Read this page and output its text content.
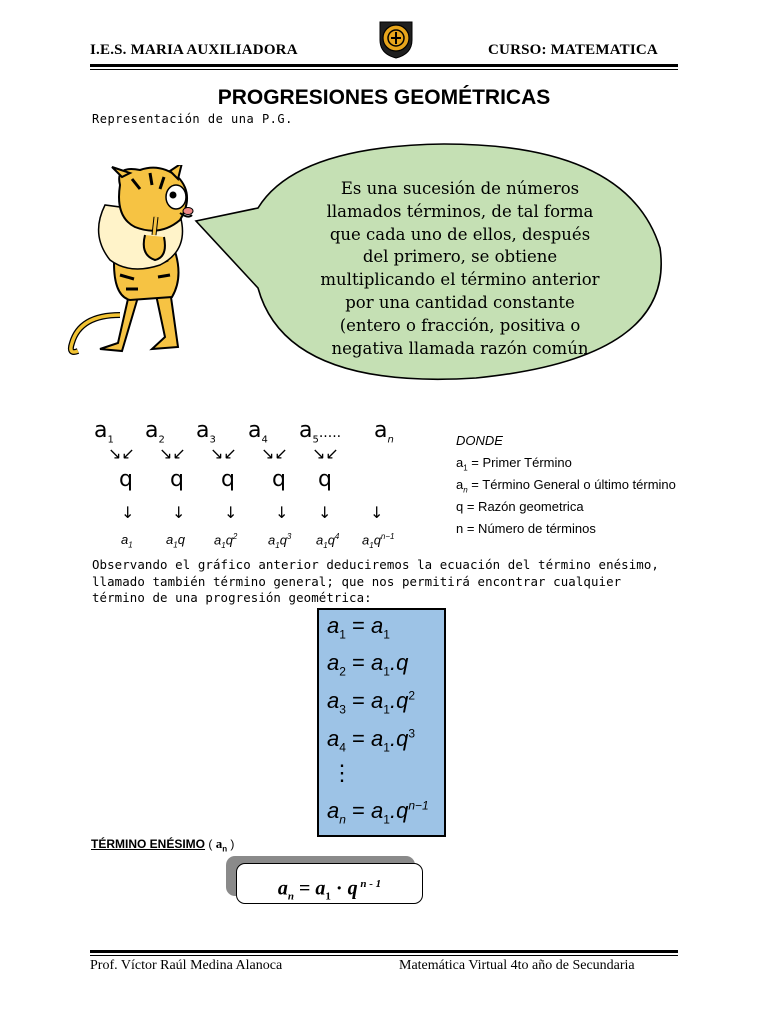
I.E.S. MARIA AUXILIADORA	CURSO: MATEMATICA
PROGRESIONES GEOMÉTRICAS
Representación de una P.G.
Es una sucesión de números
llamados términos, de tal forma
que cada uno de ellos, después
del primero, se obtiene
multiplicando el término anterior
por una cantidad constante
(entero o fracción, positiva o
negativa llamada razón común
$a_1$ $a_2$ $a_3$ $a_4$ $a_5$..... $a_n$
↘↙ ↘↙ ↘↙ ↘↙ ↘↙
q q q q q
↓ ↓ ↓ ↓ ↓ ↓
$a_1$	$a_1q$ $a_1q^2$ $a_1q^3$ $a_1q^4$ $a_1q^{n-1}$
DONDE
$a_1$ = Primer Término
$a_n$ = Término General o último término
q = Razón geometrica
n = Número de términos
Observando el gráfico anterior deduciremos la ecuación del término enésimo,
llamado también término general; que nos permitirá encontrar cualquier
término de una progresión geométrica:
$a_1 = a_1$
$a_2 = a_1.q$
$a_3 = a_1.q^2$
$a_4 = a_1.q^3$
⋮
$a_n = a_1.q^{n-1}$
TÉRMINO ENÉSIMO ( $a_n$ )
$a_n = a_1 \cdot q$ $^{n - 1}$
Prof. Víctor Raúl Medina Alanoca	Matemática Virtual 4to año de Secundaria
